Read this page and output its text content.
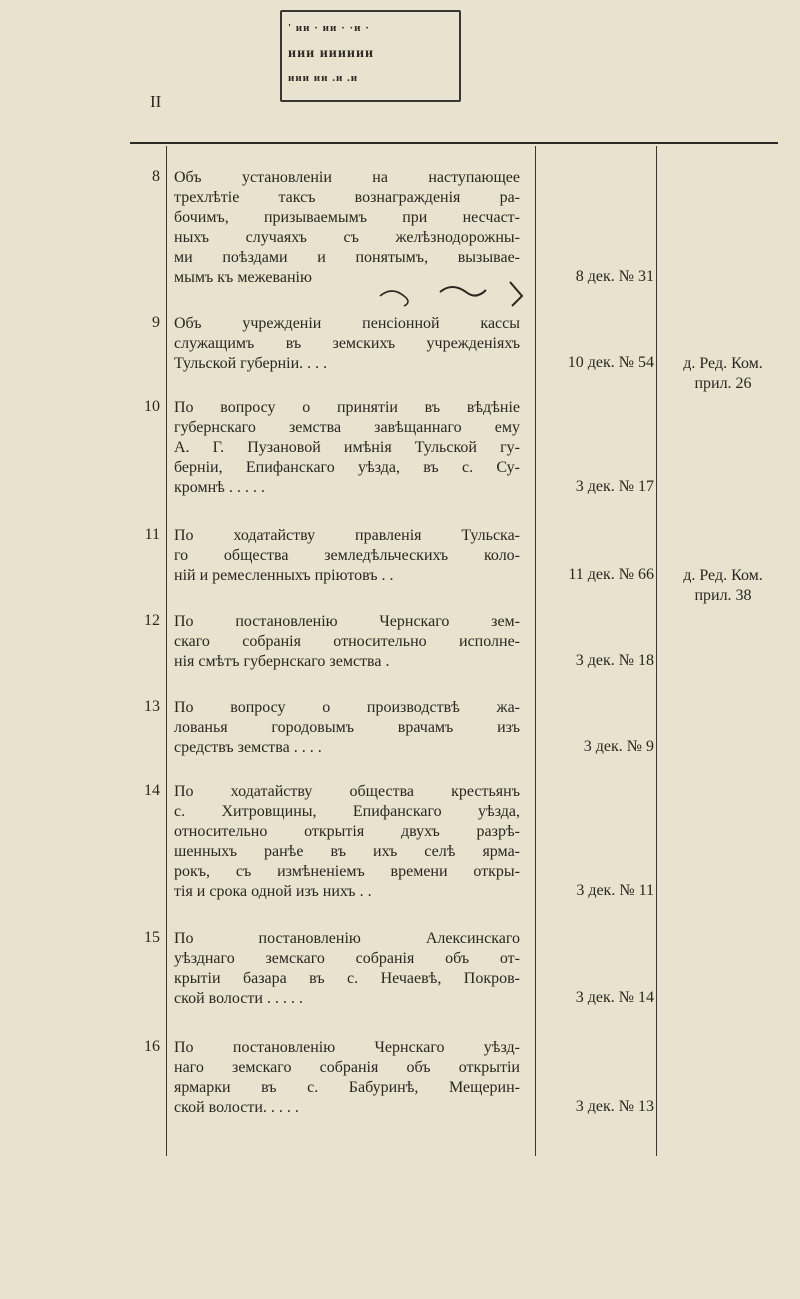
' ᴎᴎ · ᴎᴎ · ·ᴎ ·
ᴎᴎᴎ ᴎᴎᴎᴎᴎᴎ
ᴎᴎᴎ ᴎᴎ .ᴎ .ᴎ
II
8 Объ установленіи на наступающее

трехлѣтіе таксъ вознагражденія ра-

бочимъ, призываемымъ при несчаст-

ныхъ случаяхъ съ желѣзнодорожны-

ми поѣздами и понятымъ, вызывае-

мымъ къ межеванію	8 дек. № 31
9 Объ учрежденіи пенсіонной кассы

служащимъ въ земскихъ учрежденіяхъ

Тульской губерніи. . . .	10 дек. № 54	д. Ред. Ком. прил. 26
10 По вопросу о принятіи въ вѣдѣніе

губернскаго земства завѣщаннаго ему

А. Г. Пузановой имѣнія Тульской гу-

берніи, Епифанскаго уѣзда, въ с. Су-

кромнѣ . . . . .	3 дек. № 17
11 По ходатайству правленія Тульска-

го общества земледѣльческихъ коло-

ній и ремесленныхъ пріютовъ . .	11 дек. № 66	д. Ред. Ком. прил. 38
12 По постановленію Чернскаго зем-

скаго собранія относительно исполне-

нія смѣтъ губернскаго земства .	3 дек. № 18
13 По вопросу о производствѣ жа-

лованья городовымъ врачамъ изъ

средствъ земства . . . .	3 дек. № 9
14 По ходатайству общества крестьянъ

с. Хитровщины, Епифанскаго уѣзда,

относительно открытія двухъ разрѣ-

шенныхъ ранѣе въ ихъ селѣ ярма-

рокъ, съ измѣненіемъ времени откры-

тія и срока одной изъ нихъ . .	3 дек. № 11
15 По постановленію Алексинскаго

уѣзднаго земскаго собранія объ от-

крытіи базара въ с. Нечаевѣ, Покров-

ской волости . . . . .	3 дек. № 14
16 По постановленію Чернскаго уѣзд-

наго земскаго собранія объ открытіи

ярмарки въ с. Бабуринѣ, Мещерин-

ской волости. . . . .	3 дек. № 13
